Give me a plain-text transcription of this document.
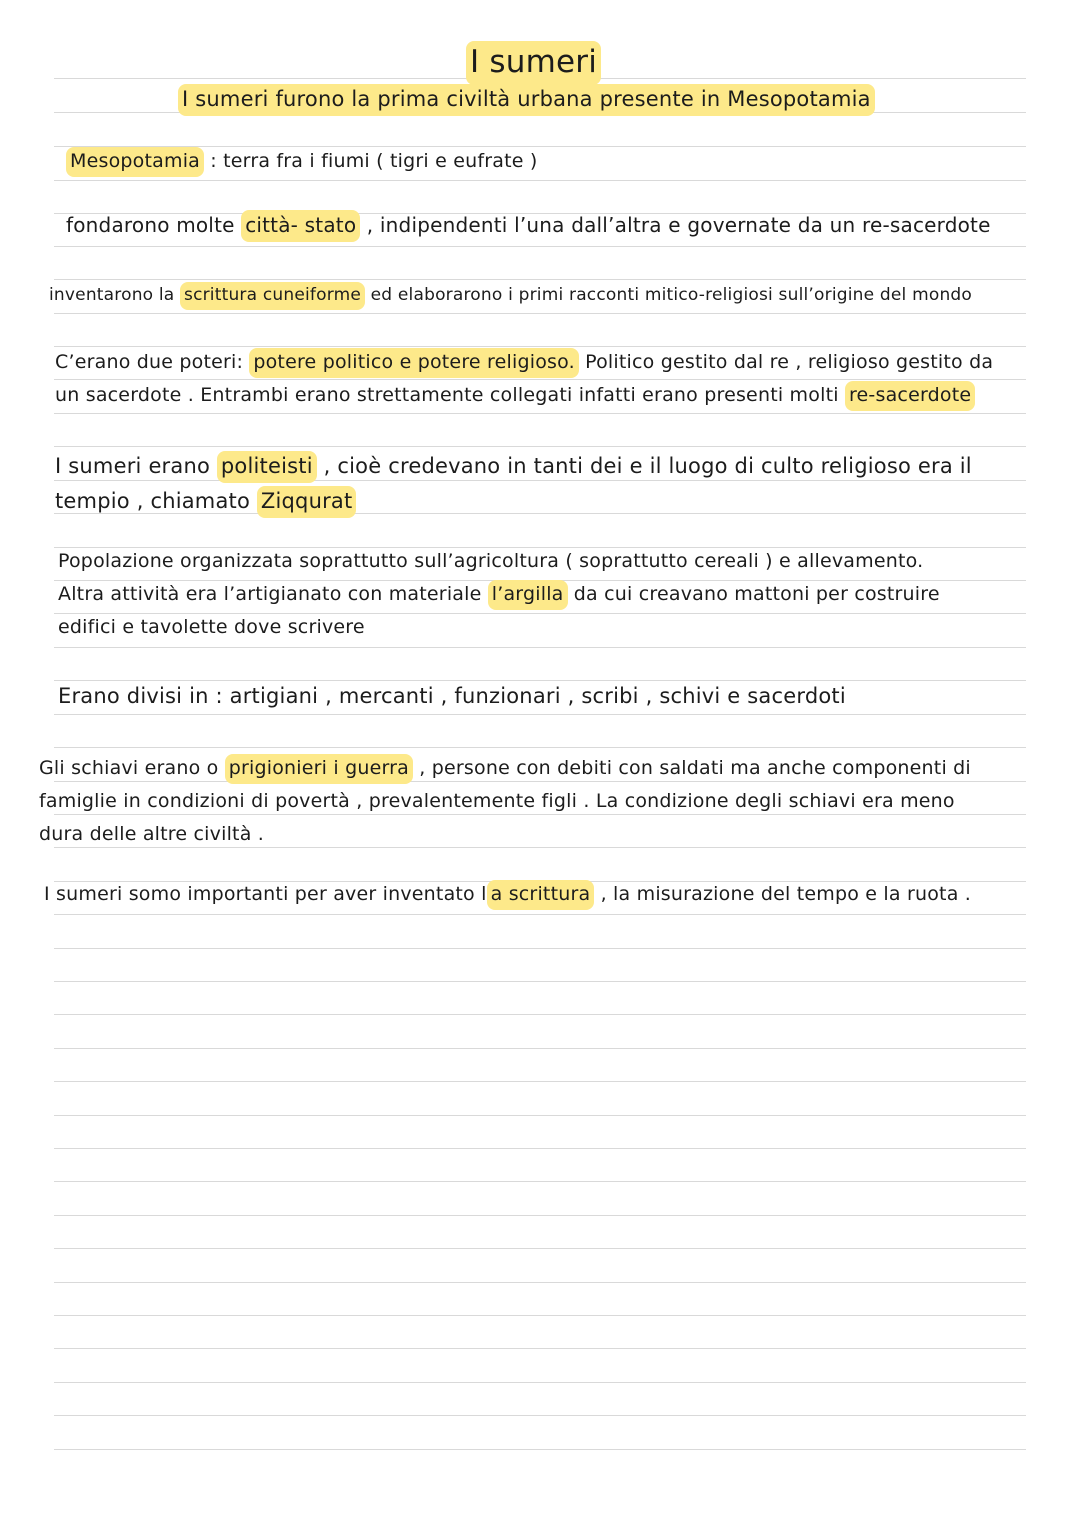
I sumeri
I sumeri furono la prima civiltà urbana presente in Mesopotamia
Mesopotamia : terra fra i fiumi ( tigri e eufrate )
fondarono molte città- stato , indipendenti l’una dall’altra e governate da un re-sacerdote
inventarono la scrittura cuneiforme ed elaborarono i primi racconti mitico-religiosi sull’origine del mondo
C’erano due poteri: potere politico e potere religioso. Politico gestito dal re , religioso gestito da
un sacerdote . Entrambi erano strettamente collegati infatti erano presenti molti re-sacerdote
I sumeri erano politeisti , cioè credevano in tanti dei e il luogo di culto religioso era il
tempio , chiamato Ziqqurat
Popolazione organizzata soprattutto sull’agricoltura ( soprattutto cereali ) e allevamento.
Altra attività era l’artigianato con materiale l’argilla da cui creavano mattoni per costruire
edifici e tavolette dove scrivere
Erano divisi in : artigiani , mercanti , funzionari , scribi , schivi e sacerdoti
Gli schiavi erano o prigionieri i guerra , persone con debiti con saldati ma anche componenti di
famiglie in condizioni di povertà , prevalentemente figli . La condizione degli schiavi era meno
dura delle altre civiltà .
I sumeri somo importanti per aver inventato l a scrittura , la misurazione del tempo e la ruota .
